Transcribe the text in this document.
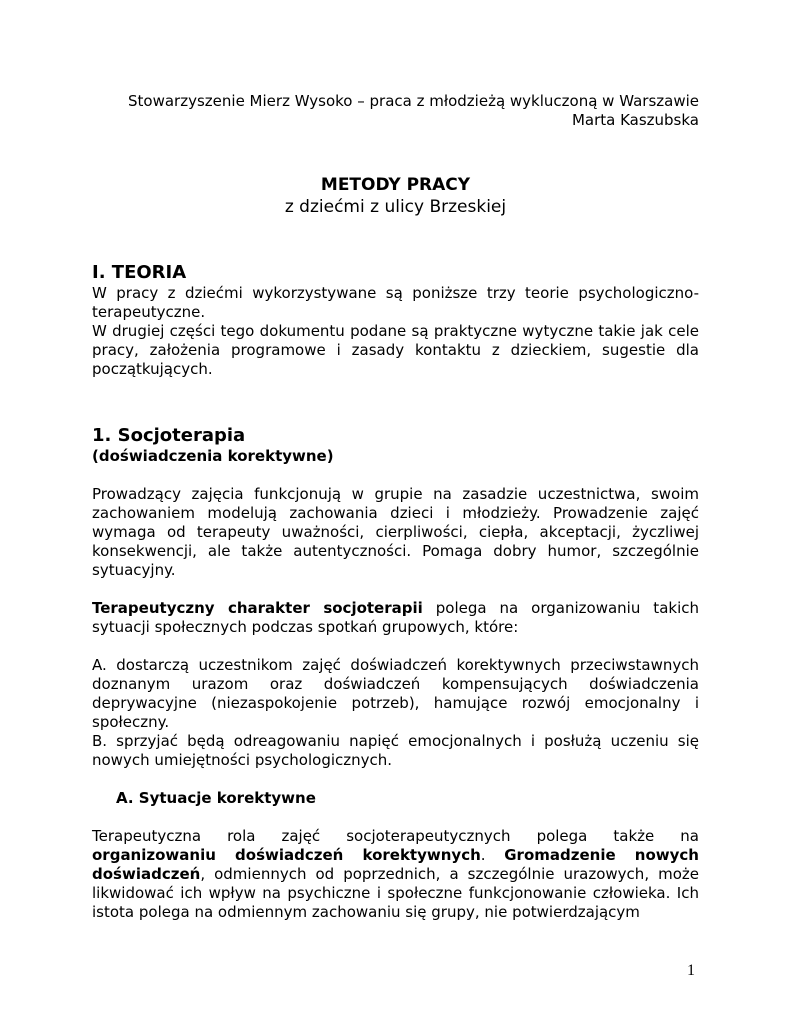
Stowarzyszenie Mierz Wysoko – praca z młodzieżą wykluczoną w Warszawie
Marta Kaszubska
METODY PRACY
z dziećmi z ulicy Brzeskiej
I. TEORIA

W pracy z dziećmi wykorzystywane są poniższe trzy teorie psychologiczno-terapeutyczne.

W drugiej części tego dokumentu podane są praktyczne wytyczne takie jak cele pracy, założenia programowe i zasady kontaktu z dzieckiem, sugestie dla początkujących.

1. Socjoterapia
(doświadczenia korektywne)

Prowadzący zajęcia funkcjonują w grupie na zasadzie uczestnictwa, swoim zachowaniem modelują zachowania dzieci i młodzieży. Prowadzenie zajęć wymaga od terapeuty uważności, cierpliwości, ciepła, akceptacji, życzliwej konsekwencji, ale także autentyczności. Pomaga dobry humor, szczególnie sytuacyjny.

Terapeutyczny charakter socjoterapii polega na organizowaniu takich sytuacji społecznych podczas spotkań grupowych, które:

A. dostarczą uczestnikom zajęć doświadczeń korektywnych przeciwstawnych doznanym urazom oraz doświadczeń kompensujących doświadczenia deprywacyjne (niezaspokojenie potrzeb), hamujące rozwój emocjonalny i społeczny.

B. sprzyjać będą odreagowaniu napięć emocjonalnych i posłużą uczeniu się nowych umiejętności psychologicznych.

A. Sytuacje korektywne

Terapeutyczna rola zajęć socjoterapeutycznych polega także na organizowaniu doświadczeń korektywnych. Gromadzenie nowych doświadczeń, odmiennych od poprzednich, a szczególnie urazowych, może likwidować ich wpływ na psychiczne i społeczne funkcjonowanie człowieka. Ich istota polega na odmiennym zachowaniu się grupy, nie potwierdzającym

1
